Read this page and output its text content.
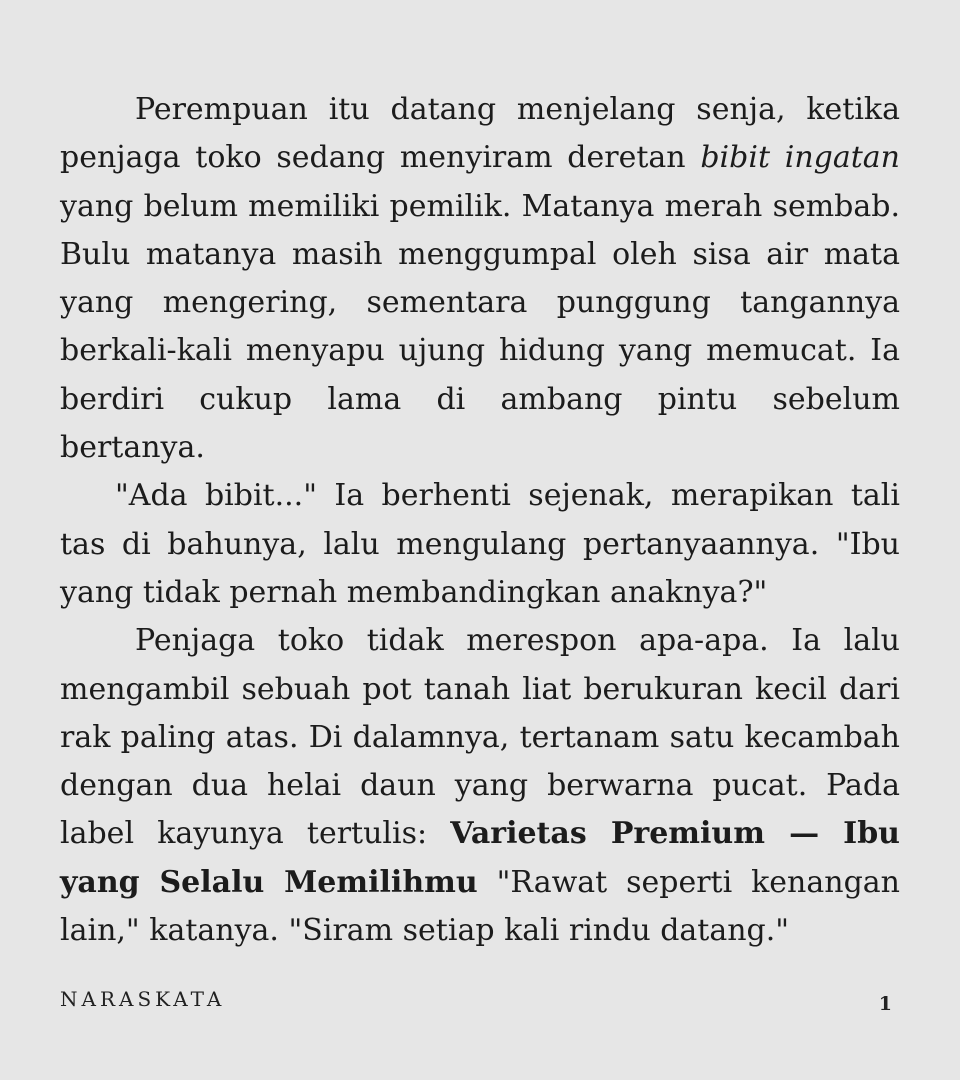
Perempuan itu datang menjelang senja, ketika penjaga toko sedang menyiram deretan bibit ingatan yang belum memiliki pemilik. Matanya merah sembab. Bulu matanya masih menggumpal oleh sisa air mata yang mengering, sementara punggung tangannya berkali-kali menyapu ujung hidung yang memucat. Ia berdiri cukup lama di ambang pintu sebelum bertanya.

"Ada bibit..." Ia berhenti sejenak, merapikan tali tas di bahunya, lalu mengulang pertanyaannya. "Ibu yang tidak pernah membandingkan anaknya?"

Penjaga toko tidak merespon apa-apa. Ia lalu mengambil sebuah pot tanah liat berukuran kecil dari rak paling atas. Di dalamnya, tertanam satu kecambah dengan dua helai daun yang berwarna pucat. Pada label kayunya tertulis: Varietas Premium — Ibu yang Selalu Memilihmu "Rawat seperti kenangan lain," katanya. "Siram setiap kali rindu datang."

NARASKATA	1
